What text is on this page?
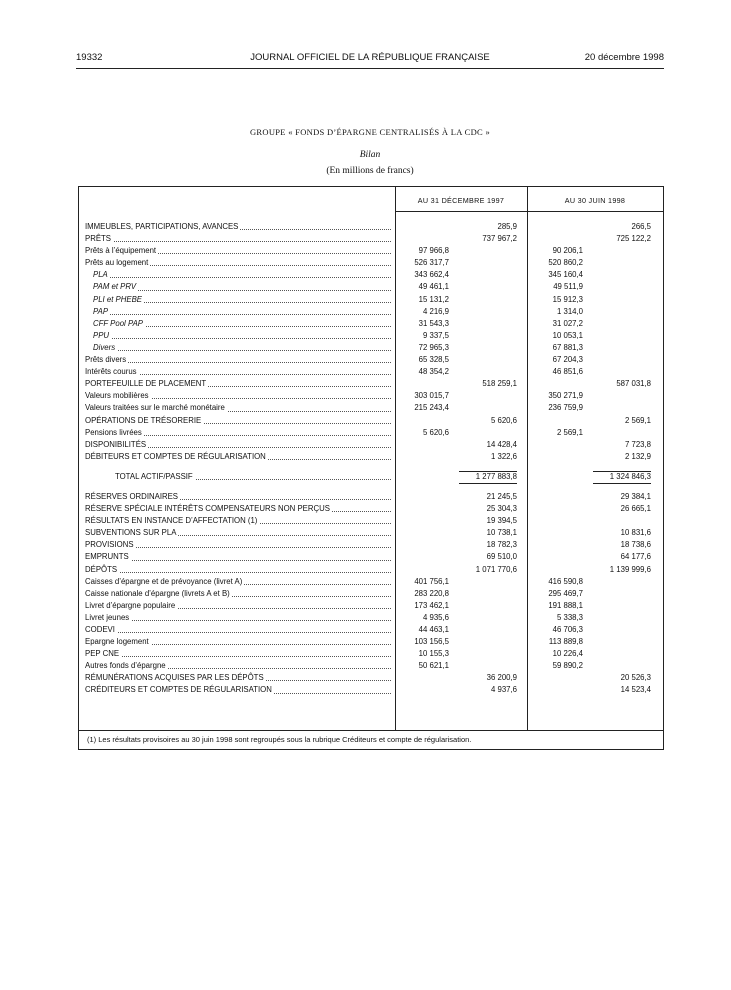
JOURNAL OFFICIEL DE LA RÉPUBLIQUE FRANÇAISE
19332	20 décembre 1998
GROUPE « FONDS D’ÉPARGNE CENTRALISÉS À LA CDC »
Bilan
(En millions de francs)
AU 31 DÉCEMBRE 1997	AU 30 JUIN 1998
IMMEUBLES, PARTICIPATIONS, AVANCES	285,9	266,5
PRÊTS	737 967,2	725 122,2
Prêts à l’équipement	97 966,8	90 206,1
Prêts au logement	526 317,7	520 860,2
PLA	343 662,4	345 160,4
PAM et PRV	49 461,1	49 511,9
PLI et PHEBE	15 131,2	15 912,3
PAP	4 216,9	1 314,0
CFF Pool PAP	31 543,3	31 027,2
PPU	9 337,5	10 053,1
Divers	72 965,3	67 881,3
Prêts divers	65 328,5	67 204,3
Intérêts courus	48 354,2	46 851,6
PORTEFEUILLE DE PLACEMENT	518 259,1	587 031,8
Valeurs mobilières	303 015,7	350 271,9
Valeurs traitées sur le marché monétaire	215 243,4	236 759,9
OPÉRATIONS DE TRÉSORERIE	5 620,6	2 569,1
Pensions livrées	5 620,6	2 569,1
DISPONIBILITÉS	14 428,4	7 723,8
DÉBITEURS ET COMPTES DE RÉGULARISATION	1 322,6	2 132,9
TOTAL ACTIF/PASSIF	1 277 883,8	1 324 846,3
RÉSERVES ORDINAIRES	21 245,5	29 384,1
RÉSERVE SPÉCIALE INTÉRÊTS COMPENSATEURS NON PERÇUS	25 304,3	26 665,1
RÉSULTATS EN INSTANCE D’AFFECTATION (1)	19 394,5
SUBVENTIONS SUR PLA	10 738,1	10 831,6
PROVISIONS	18 782,3	18 738,6
EMPRUNTS	69 510,0	64 177,6
DÉPÔTS	1 071 770,6	1 139 999,6
Caisses d’épargne et de prévoyance (livret A)	401 756,1	416 590,8
Caisse nationale d’épargne (livrets A et B)	283 220,8	295 469,7
Livret d’épargne populaire	173 462,1	191 888,1
Livret jeunes	4 935,6	5 338,3
CODEVI	44 463,1	46 706,3
Epargne logement	103 156,5	113 889,8
PEP CNE	10 155,3	10 226,4
Autres fonds d’épargne	50 621,1	59 890,2
RÉMUNÉRATIONS ACQUISES PAR LES DÉPÔTS	36 200,9	20 526,3
CRÉDITEURS ET COMPTES DE RÉGULARISATION	4 937,6	14 523,4
(1) Les résultats provisoires au 30 juin 1998 sont regroupés sous la rubrique Créditeurs et compte de régularisation.
